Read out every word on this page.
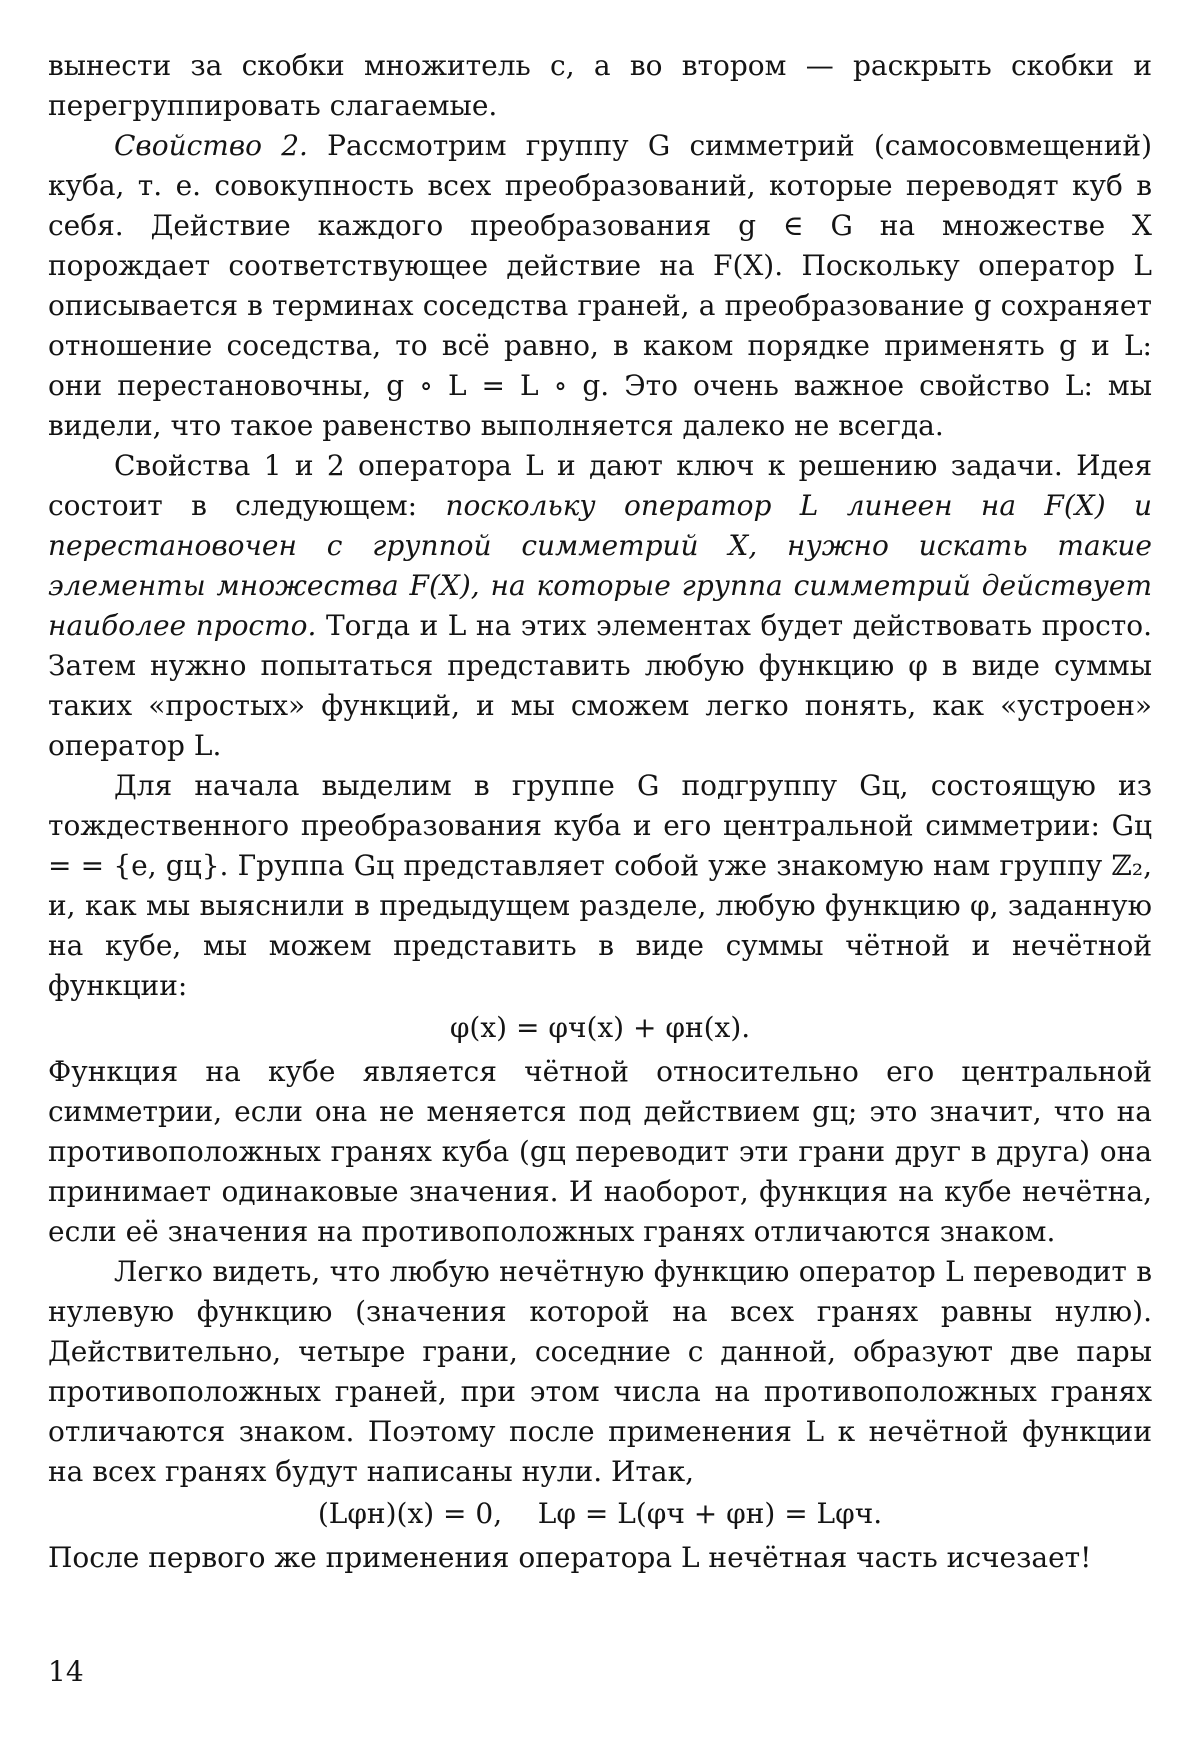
вынести за скобки множитель c, а во втором — раскрыть скобки и перегруппировать слагаемые.

Свойство 2. Рассмотрим группу G симметрий (самосовмещений) куба, т. е. совокупность всех преобразований, которые переводят куб в себя. Действие каждого преобразования g ∈ G на множестве X порождает соответствующее действие на F(X). Поскольку оператор L описывается в терминах соседства граней, а преобразование g сохраняет отношение соседства, то всё равно, в каком порядке применять g и L: они перестановочны, g ∘ L = L ∘ g. Это очень важное свойство L: мы видели, что такое равенство выполняется далеко не всегда.

Свойства 1 и 2 оператора L и дают ключ к решению задачи. Идея состоит в следующем: поскольку оператор L линеен на F(X) и перестановочен с группой симметрий X, нужно искать такие элементы множества F(X), на которые группа симметрий действует наиболее просто. Тогда и L на этих элементах будет действовать просто. Затем нужно попытаться представить любую функцию φ в виде суммы таких «простых» функций, и мы сможем легко понять, как «устроен» оператор L.

Для начала выделим в группе G подгруппу Gц, состоящую из тождественного преобразования куба и его центральной симметрии: Gц = = {e, gц}. Группа Gц представляет собой уже знакомую нам группу ℤ₂, и, как мы выяснили в предыдущем разделе, любую функцию φ, заданную на кубе, мы можем представить в виде суммы чётной и нечётной функции:

φ(x) = φч(x) + φн(x).

Функция на кубе является чётной относительно его центральной симметрии, если она не меняется под действием gц; это значит, что на противоположных гранях куба (gц переводит эти грани друг в друга) она принимает одинаковые значения. И наоборот, функция на кубе нечётна, если её значения на противоположных гранях отличаются знаком.

Легко видеть, что любую нечётную функцию оператор L переводит в нулевую функцию (значения которой на всех гранях равны нулю). Действительно, четыре грани, соседние с данной, образуют две пары противоположных граней, при этом числа на противоположных гранях отличаются знаком. Поэтому после применения L к нечётной функции на всех гранях будут написаны нули. Итак,

(Lφн)(x) = 0,    Lφ = L(φч + φн) = Lφч.

После первого же применения оператора L нечётная часть исчезает!

14
